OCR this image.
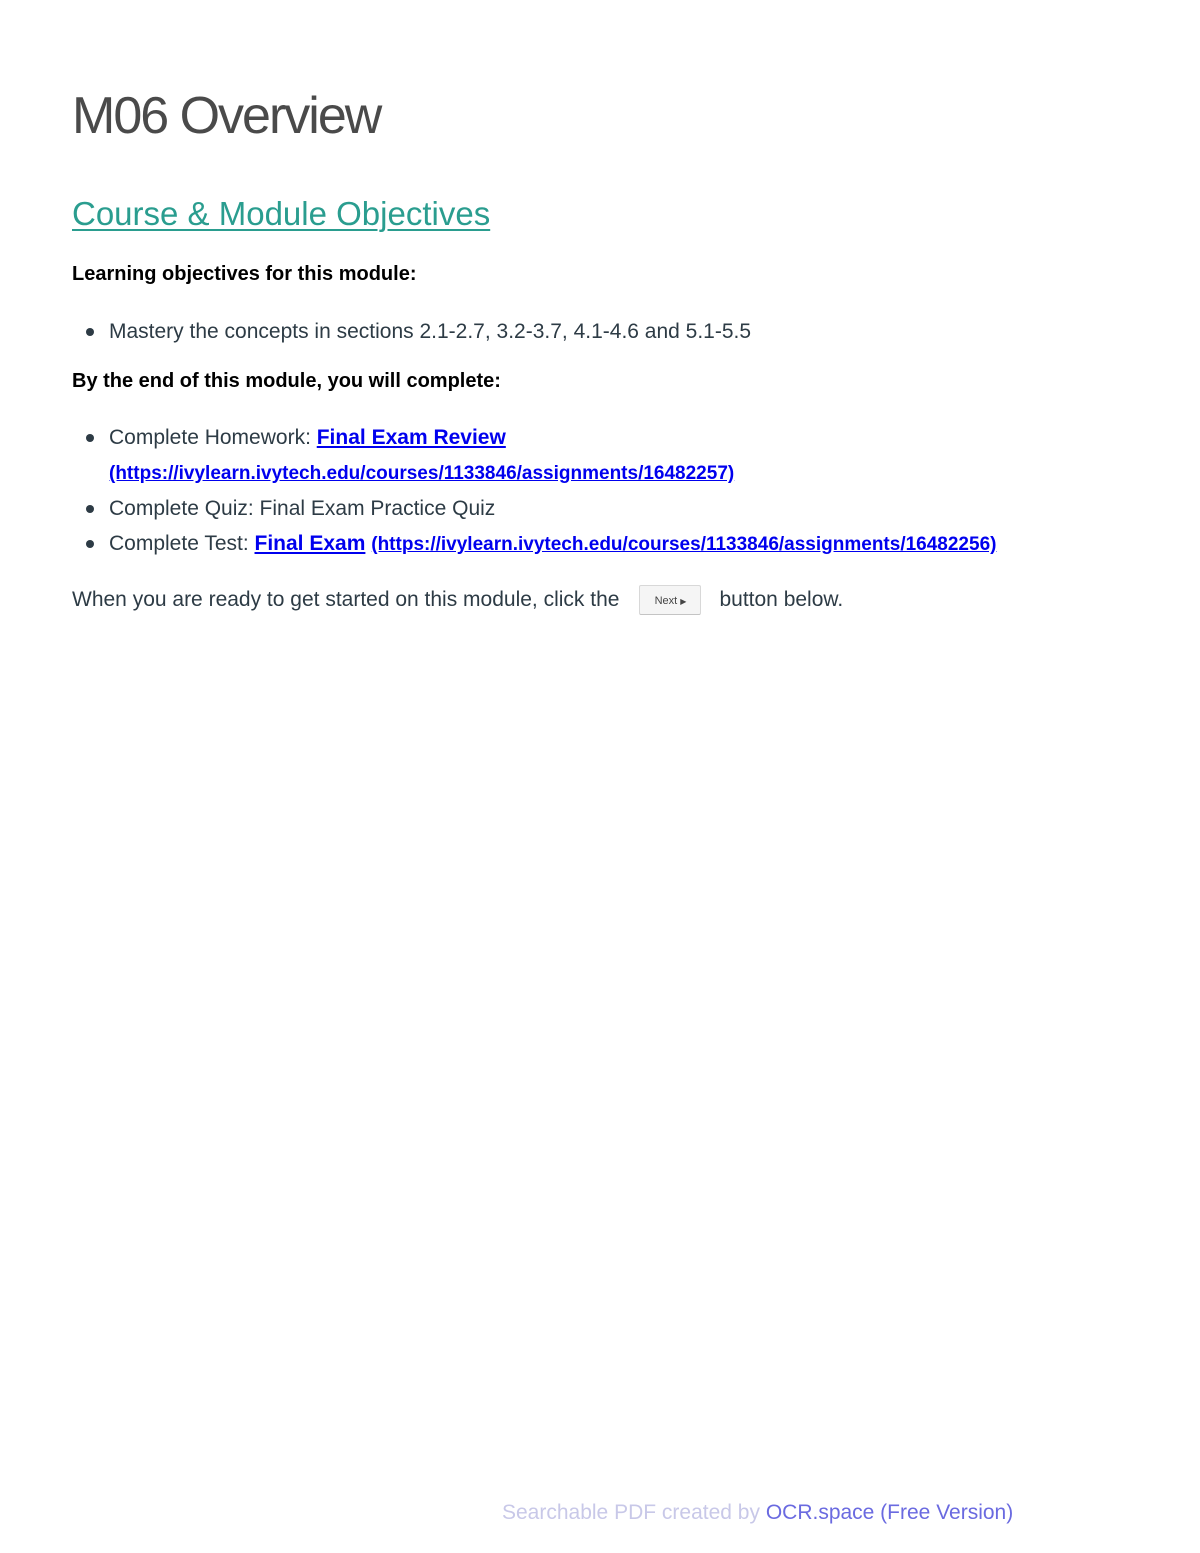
M06 Overview
Course & Module Objectives

Learning objectives for this module:

Mastery the concepts in sections 2.1-2.7, 3.2-3.7, 4.1-4.6 and 5.1-5.5

By the end of this module, you will complete:

Complete Homework: Final Exam Review
(https://ivylearn.ivytech.edu/courses/1133846/assignments/16482257)
Complete Quiz: Final Exam Practice Quiz
Complete Test: Final Exam (https://ivylearn.ivytech.edu/courses/1133846/assignments/16482256)
When you are ready to get started on this module, click the	Next ▶ button below.
Searchable PDF created by OCR.space (Free Version)
